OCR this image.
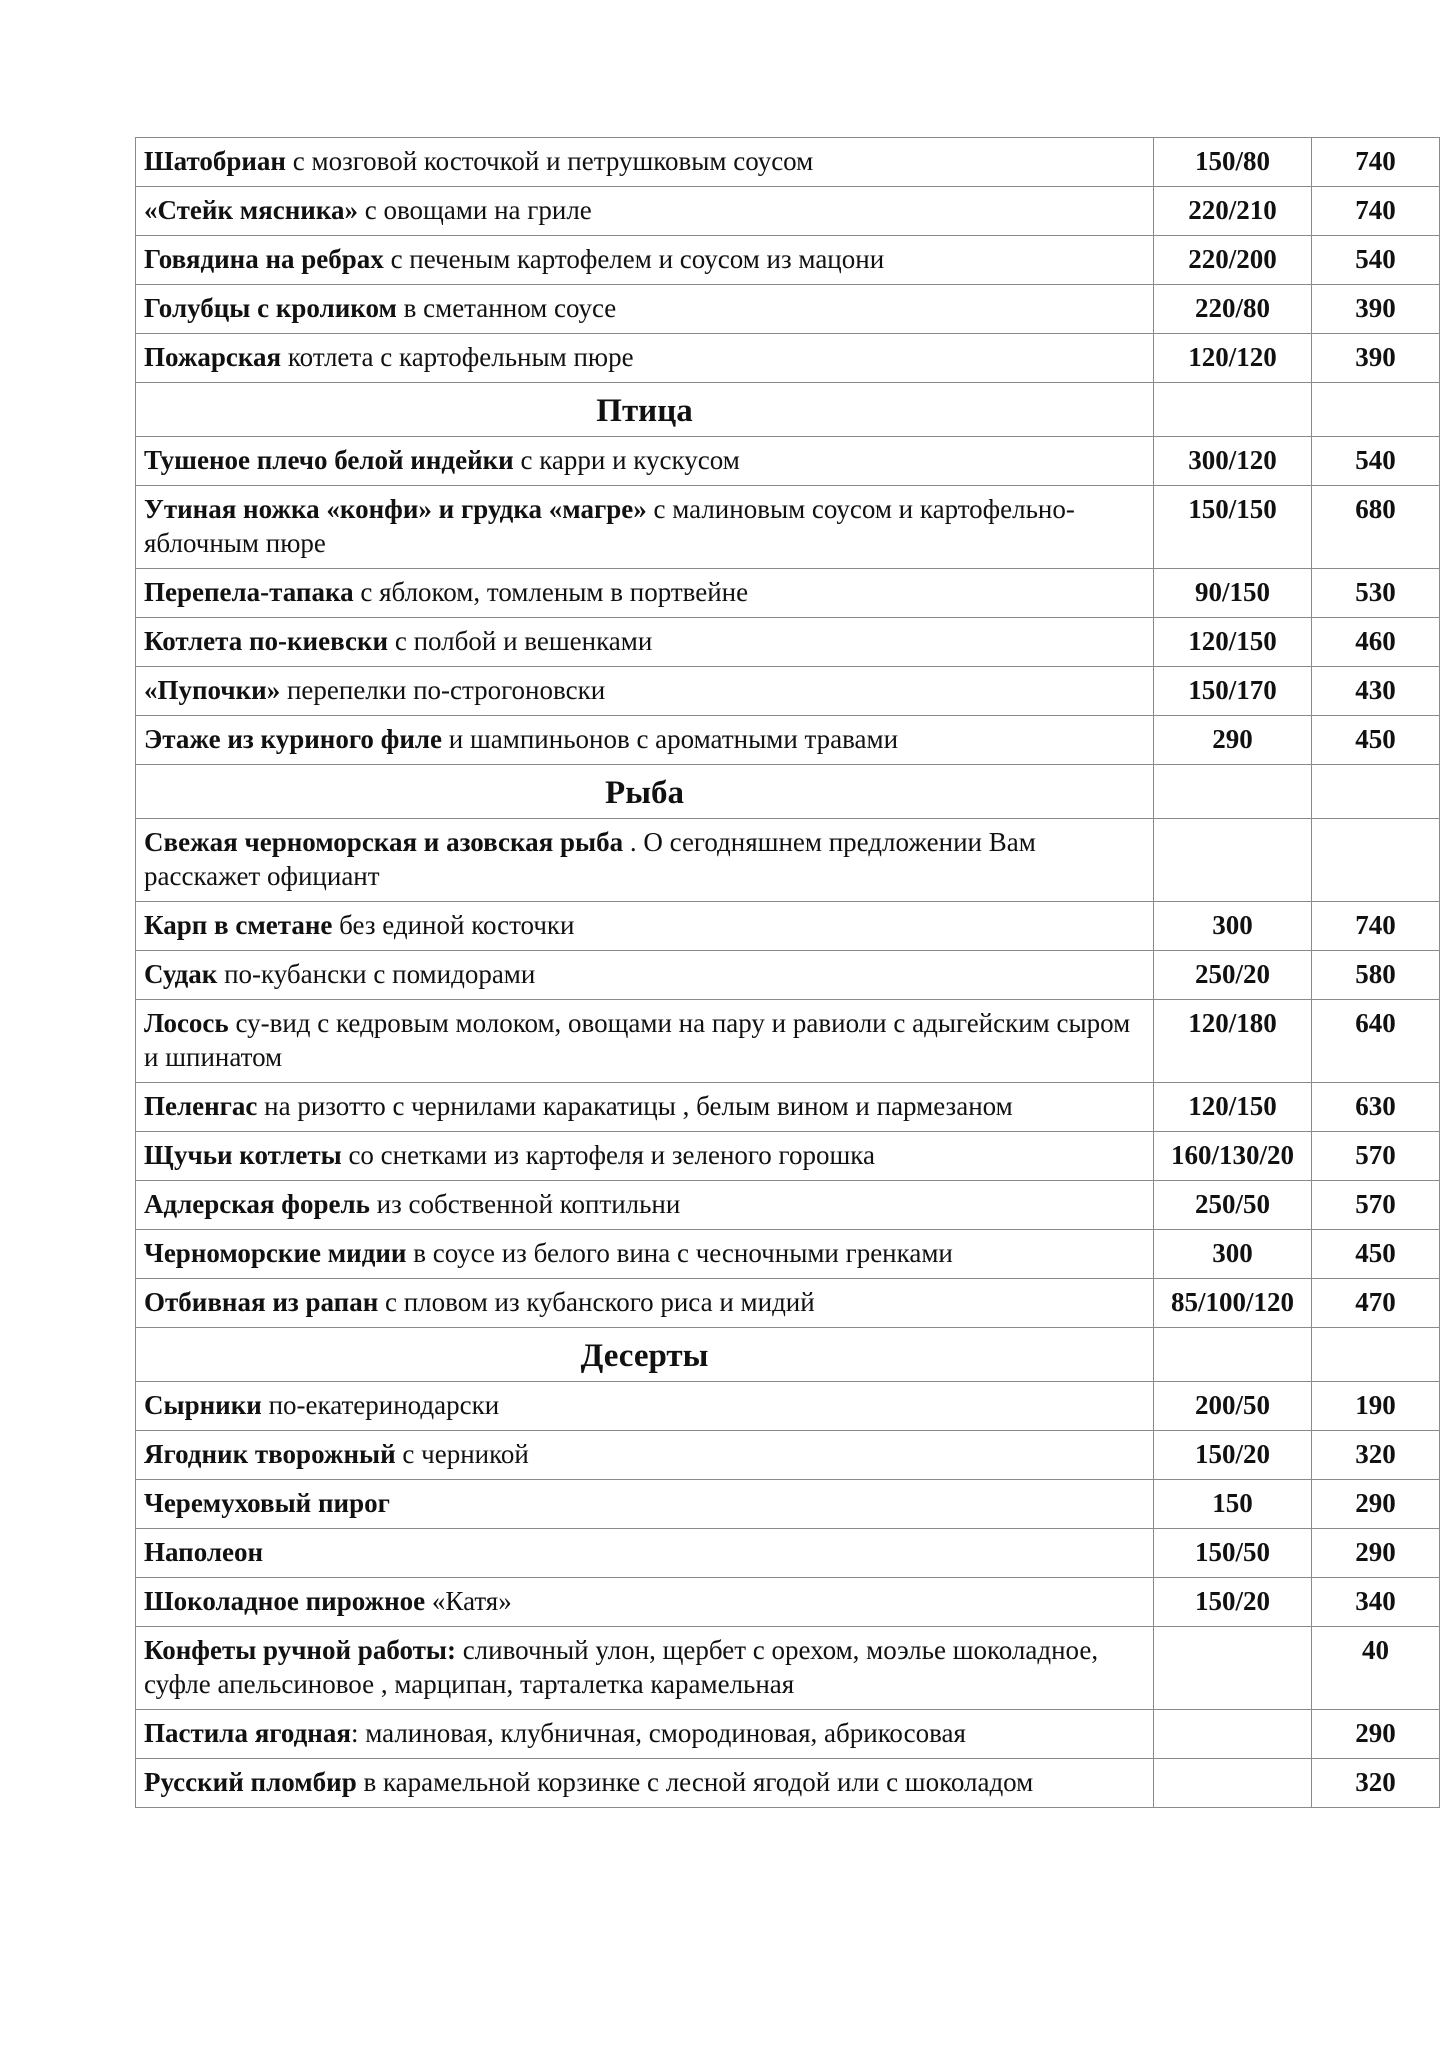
Шатобриан с мозговой косточкой и петрушковым соусом	150/80	740
«Стейк мясника» с овощами на гриле	220/210	740
Говядина на ребрах с печеным картофелем и соусом из мацони	220/200	540
Голубцы с кроликом в сметанном соусе	220/80	390
Пожарская котлета с картофельным пюре	120/120	390
Птица		
Тушеное плечо белой индейки с карри и кускусом	300/120	540
Утиная ножка «конфи» и грудка «магре» с малиновым соусом и картофельно-яблочным пюре	150/150	680
Перепела-тапака с яблоком, томленым в портвейне	90/150	530
Котлета по-киевски с полбой и вешенками	120/150	460
«Пупочки» перепелки по-строгоновски	150/170	430
Этаже из куриного филе и шампиньонов с ароматными травами	290	450
Рыба		
Свежая черноморская и азовская рыба . О сегодняшнем предложении Вам расскажет официант		
Карп в сметане без единой косточки	300	740
Судак по-кубански с помидорами	250/20	580
Лосось су-вид с кедровым молоком, овощами на пару и равиоли с адыгейским сыром и шпинатом	120/180	640
Пеленгас на ризотто с чернилами каракатицы , белым вином и пармезаном	120/150	630
Щучьи котлеты со снетками из картофеля и зеленого горошка	160/130/20	570
Адлерская форель из собственной коптильни	250/50	570
Черноморские мидии в соусе из белого вина с чесночными гренками	300	450
Отбивная из рапан с пловом из кубанского риса и мидий	85/100/120	470
Десерты		
Сырники по-екатеринодарски	200/50	190
Ягодник творожный с черникой	150/20	320
Черемуховый пирог	150	290
Наполеон	150/50	290
Шоколадное пирожное «Катя»	150/20	340
Конфеты ручной работы: сливочный улон, щербет с орехом, моэлье шоколадное, суфле апельсиновое , марципан, тарталетка карамельная		40
Пастила ягодная: малиновая, клубничная, смородиновая, абрикосовая		290
Русский пломбир в карамельной корзинке с лесной ягодой или с шоколадом		320
